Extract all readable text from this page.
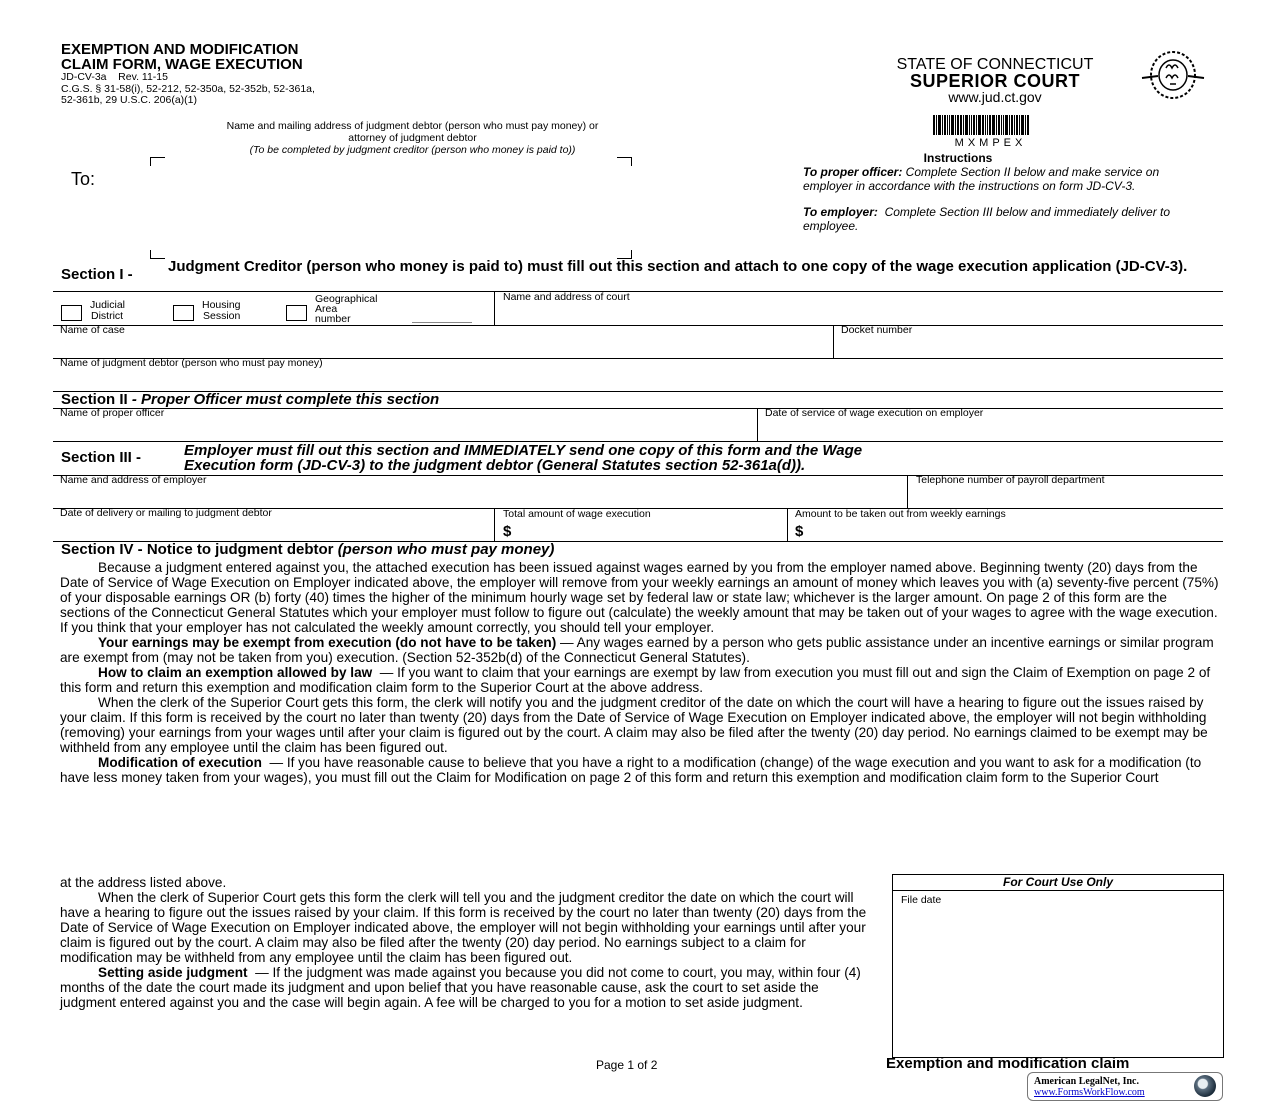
EXEMPTION AND MODIFICATION
CLAIM FORM, WAGE EXECUTION
JD-CV-3a    Rev. 11-15
C.G.S. § 31-58(i), 52-212, 52-350a, 52-352b, 52-361a,
52-361b, 29 U.S.C. 206(a)(1)
STATE OF CONNECTICUT
SUPERIOR COURT
www.jud.ct.gov
MXMPEX
Instructions
To proper officer: Complete Section II below and make service on employer in accordance with the instructions on form JD-CV-3.
To employer:  Complete Section III below and immediately deliver to employee.
Name and mailing address of judgment debtor (person who must pay money) or
attorney of judgment debtor
(To be completed by judgment creditor (person who money is paid to))
To:
Section I - Judgment Creditor (person who money is paid to) must fill out this section and attach to one copy of the wage execution application (JD-CV-3).
Judicial
District
Housing
Session
Geographical
Area
number
Name and address of court
Name of case	Docket number
Name of judgment debtor (person who must pay money)
Section II - Proper Officer must complete this section
Name of proper officer	Date of service of wage execution on employer
Section III -	Employer must fill out this section and IMMEDIATELY send one copy of this form and the Wage
Execution form (JD-CV-3) to the judgment debtor (General Statutes section 52-361a(d)).
Name and address of employer	Telephone number of payroll department
Date of delivery or mailing to judgment debtor	Total amount of wage execution
$
Amount to be taken out from weekly earnings
$
Section IV - Notice to judgment debtor (person who must pay money)

Because a judgment entered against you, the attached execution has been issued against wages earned by you from the employer named above. Beginning twenty (20) days from the Date of Service of Wage Execution on Employer indicated above, the employer will remove from your weekly earnings an amount of money which leaves you with (a) seventy-five percent (75%) of your disposable earnings OR (b) forty (40) times the higher of the minimum hourly wage set by federal law or state law; whichever is the larger amount. On page 2 of this form are the sections of the Connecticut General Statutes which your employer must follow to figure out (calculate) the weekly amount that may be taken out of your wages to agree with the wage execution. If you think that your employer has not calculated the weekly amount correctly, you should tell your employer.

Your earnings may be exempt from execution (do not have to be taken) — Any wages earned by a person who gets public assistance under an incentive earnings or similar program are exempt from (may not be taken from you) execution. (Section 52-352b(d) of the Connecticut General Statutes).

How to claim an exemption allowed by law  — If you want to claim that your earnings are exempt by law from execution you must fill out and sign the Claim of Exemption on page 2 of this form and return this exemption and modification claim form to the Superior Court at the above address.

When the clerk of the Superior Court gets this form, the clerk will notify you and the judgment creditor of the date on which the court will have a hearing to figure out the issues raised by your claim. If this form is received by the court no later than twenty (20) days from the Date of Service of Wage Execution on Employer indicated above, the employer will not begin withholding  (removing) your earnings from your wages until after your claim is figured out by the court. A claim may also be filed after the twenty (20) day period. No earnings claimed to be exempt may be withheld from any employee until the claim has been figured out.

Modification of execution  — If you have reasonable cause to believe that you have a right to a modification (change) of the wage execution and you want to ask for a modification (to have less money taken from your wages), you must fill out the Claim for Modification on page 2 of this form and return this exemption and modification claim form to the Superior Court

at the address listed above.

When the clerk of Superior Court gets this form the clerk will tell you and the judgment creditor the date on which the court will have a hearing to figure out the issues raised by your claim. If this form is received by the court no later than twenty (20) days from the Date of Service of Wage Execution on Employer indicated above, the employer will not begin withholding your earnings until after your claim is figured out by the court. A claim may also be filed after the twenty (20) day period. No earnings subject to a claim for modification may be withheld from any employee until the claim has been figured out.

Setting aside judgment  — If the judgment was made against you because you did not come to court, you may, within four (4) months of the date the court made its judgment and upon belief that you have reasonable cause, ask the court to set aside the judgment entered against you and the case will begin again. A fee will be charged to you for a motion to set aside judgment.

For Court Use Only
File date
Page 1 of 2	Exemption and modification claim
American LegalNet, Inc.
www.FormsWorkFlow.com
